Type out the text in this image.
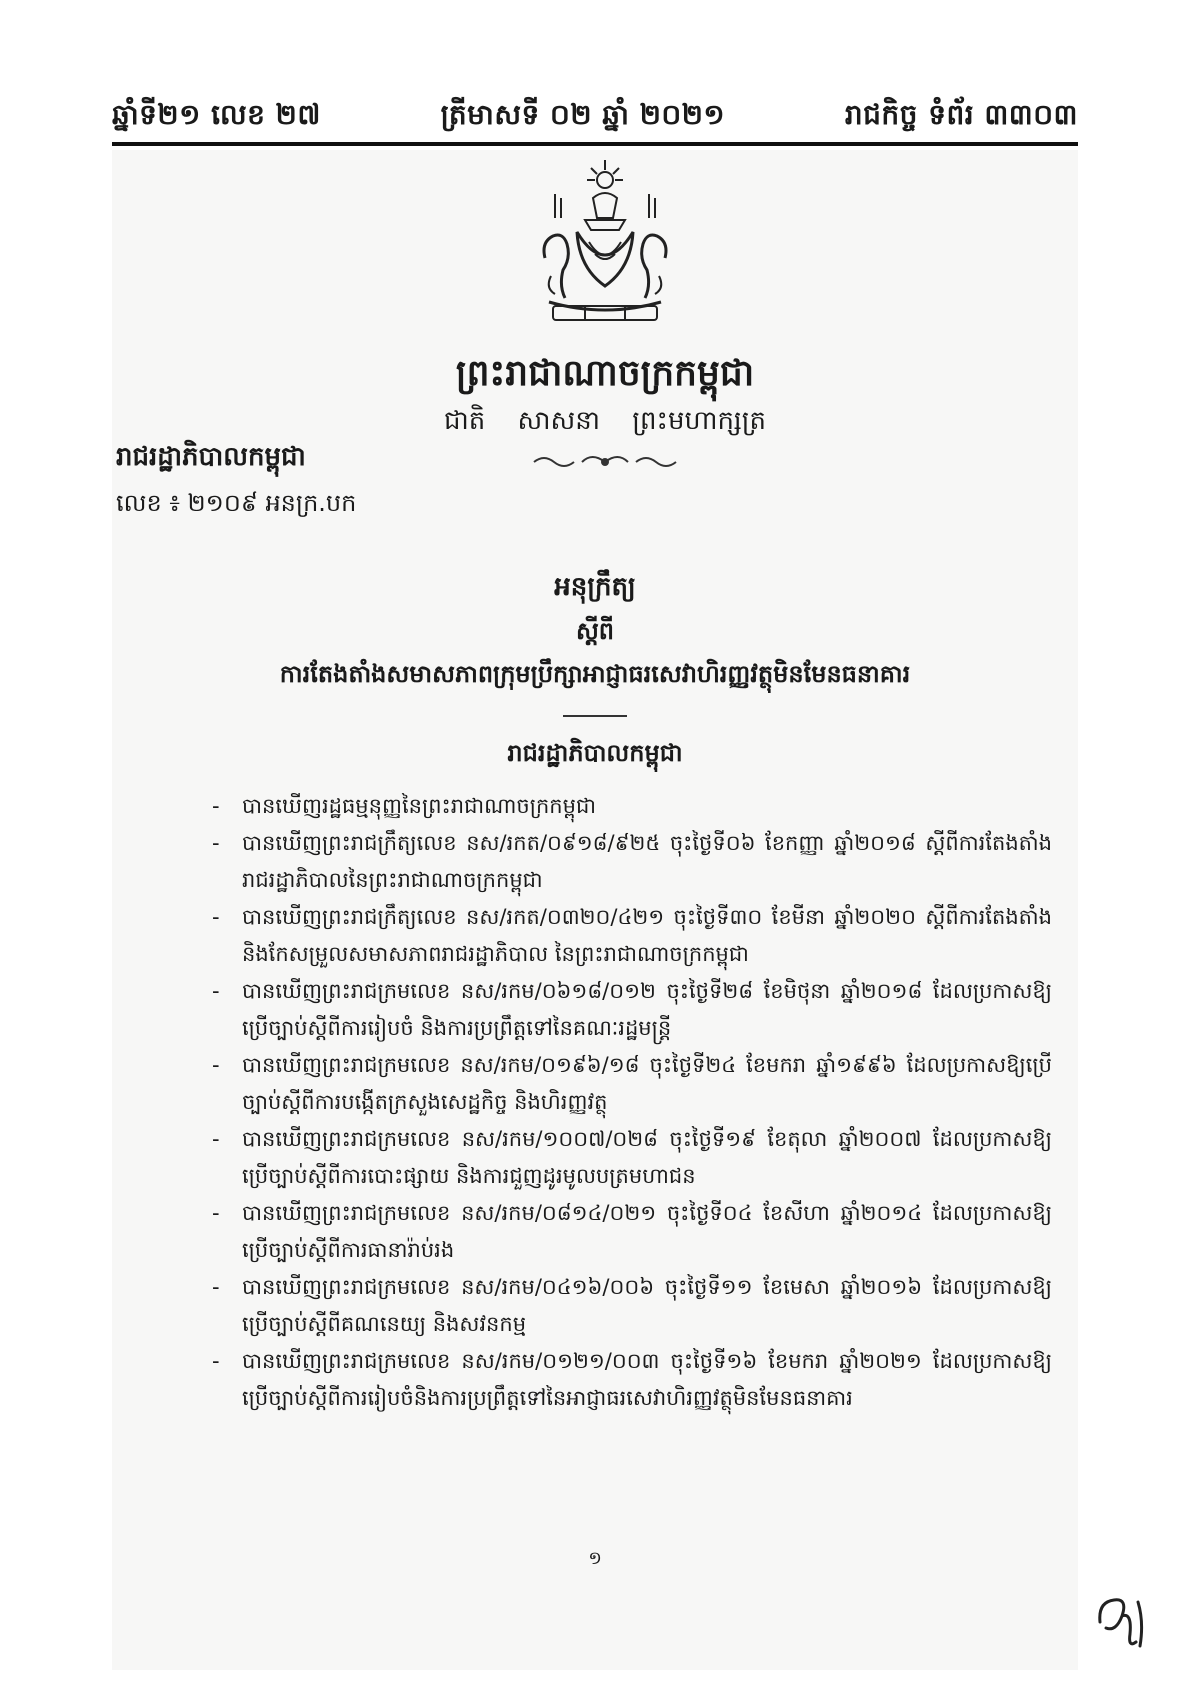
ឆ្នាំទី២១ លេខ ២៧	ត្រីមាសទី ០២ ឆ្នាំ ២០២១	រាជកិច្ច ទំព័រ ៣៣០៣
ព្រះរាជាណាចក្រកម្ពុជា
ជាតិ សាសនា ព្រះមហាក្សត្រ
រាជរដ្ឋាភិបាលកម្ពុជា
លេខ ៖ ២១០៩ អនក្រ.បក
អនុក្រឹត្យ
ស្តីពី
ការតែងតាំងសមាសភាពក្រុមប្រឹក្សាអាជ្ញាធរសេវាហិរញ្ញវត្ថុមិនមែនធនាគារ
រាជរដ្ឋាភិបាលកម្ពុជា
- បានឃើញរដ្ឋធម្មនុញ្ញនៃព្រះរាជាណាចក្រកម្ពុជា
- បានឃើញព្រះរាជក្រឹត្យលេខ នស/រកត/០៩១៨/៩២៥ ចុះថ្ងៃទី០៦ ខែកញ្ញា ឆ្នាំ២០១៨ ស្តីពីការតែងតាំងរាជរដ្ឋាភិបាលនៃព្រះរាជាណាចក្រកម្ពុជា
- បានឃើញព្រះរាជក្រឹត្យលេខ នស/រកត/០៣២០/៤២១ ចុះថ្ងៃទី៣០ ខែមីនា ឆ្នាំ២០២០ ស្តីពីការតែងតាំង និងកែសម្រួលសមាសភាពរាជរដ្ឋាភិបាល នៃព្រះរាជាណាចក្រកម្ពុជា
- បានឃើញព្រះរាជក្រមលេខ នស/រកម/០៦១៨/០១២ ចុះថ្ងៃទី២៨ ខែមិថុនា ឆ្នាំ២០១៨ ដែលប្រកាសឱ្យប្រើច្បាប់ស្តីពីការរៀបចំ និងការប្រព្រឹត្តទៅនៃគណៈរដ្ឋមន្ត្រី
- បានឃើញព្រះរាជក្រមលេខ នស/រកម/០១៩៦/១៨ ចុះថ្ងៃទី២៤ ខែមករា ឆ្នាំ១៩៩៦ ដែលប្រកាសឱ្យប្រើច្បាប់ស្តីពីការបង្កើតក្រសួងសេដ្ឋកិច្ច និងហិរញ្ញវត្ថុ
- បានឃើញព្រះរាជក្រមលេខ នស/រកម/១០០៧/០២៨ ចុះថ្ងៃទី១៩ ខែតុលា ឆ្នាំ២០០៧ ដែលប្រកាសឱ្យប្រើច្បាប់ស្តីពីការបោះផ្សាយ និងការជួញដូរមូលបត្រមហាជន
- បានឃើញព្រះរាជក្រមលេខ នស/រកម/០៨១៤/០២១ ចុះថ្ងៃទី០៤ ខែសីហា ឆ្នាំ២០១៤ ដែលប្រកាសឱ្យប្រើច្បាប់ស្តីពីការធានារ៉ាប់រង
- បានឃើញព្រះរាជក្រមលេខ នស/រកម/០៤១៦/០០៦ ចុះថ្ងៃទី១១ ខែមេសា ឆ្នាំ២០១៦ ដែលប្រកាសឱ្យប្រើច្បាប់ស្តីពីគណនេយ្យ និងសវនកម្ម
- បានឃើញព្រះរាជក្រមលេខ នស/រកម/០១២១/០០៣ ចុះថ្ងៃទី១៦ ខែមករា ឆ្នាំ២០២១ ដែលប្រកាសឱ្យប្រើច្បាប់ស្តីពីការរៀបចំនិងការប្រព្រឹត្តទៅនៃអាជ្ញាធរសេវាហិរញ្ញវត្ថុមិនមែនធនាគារ
១
